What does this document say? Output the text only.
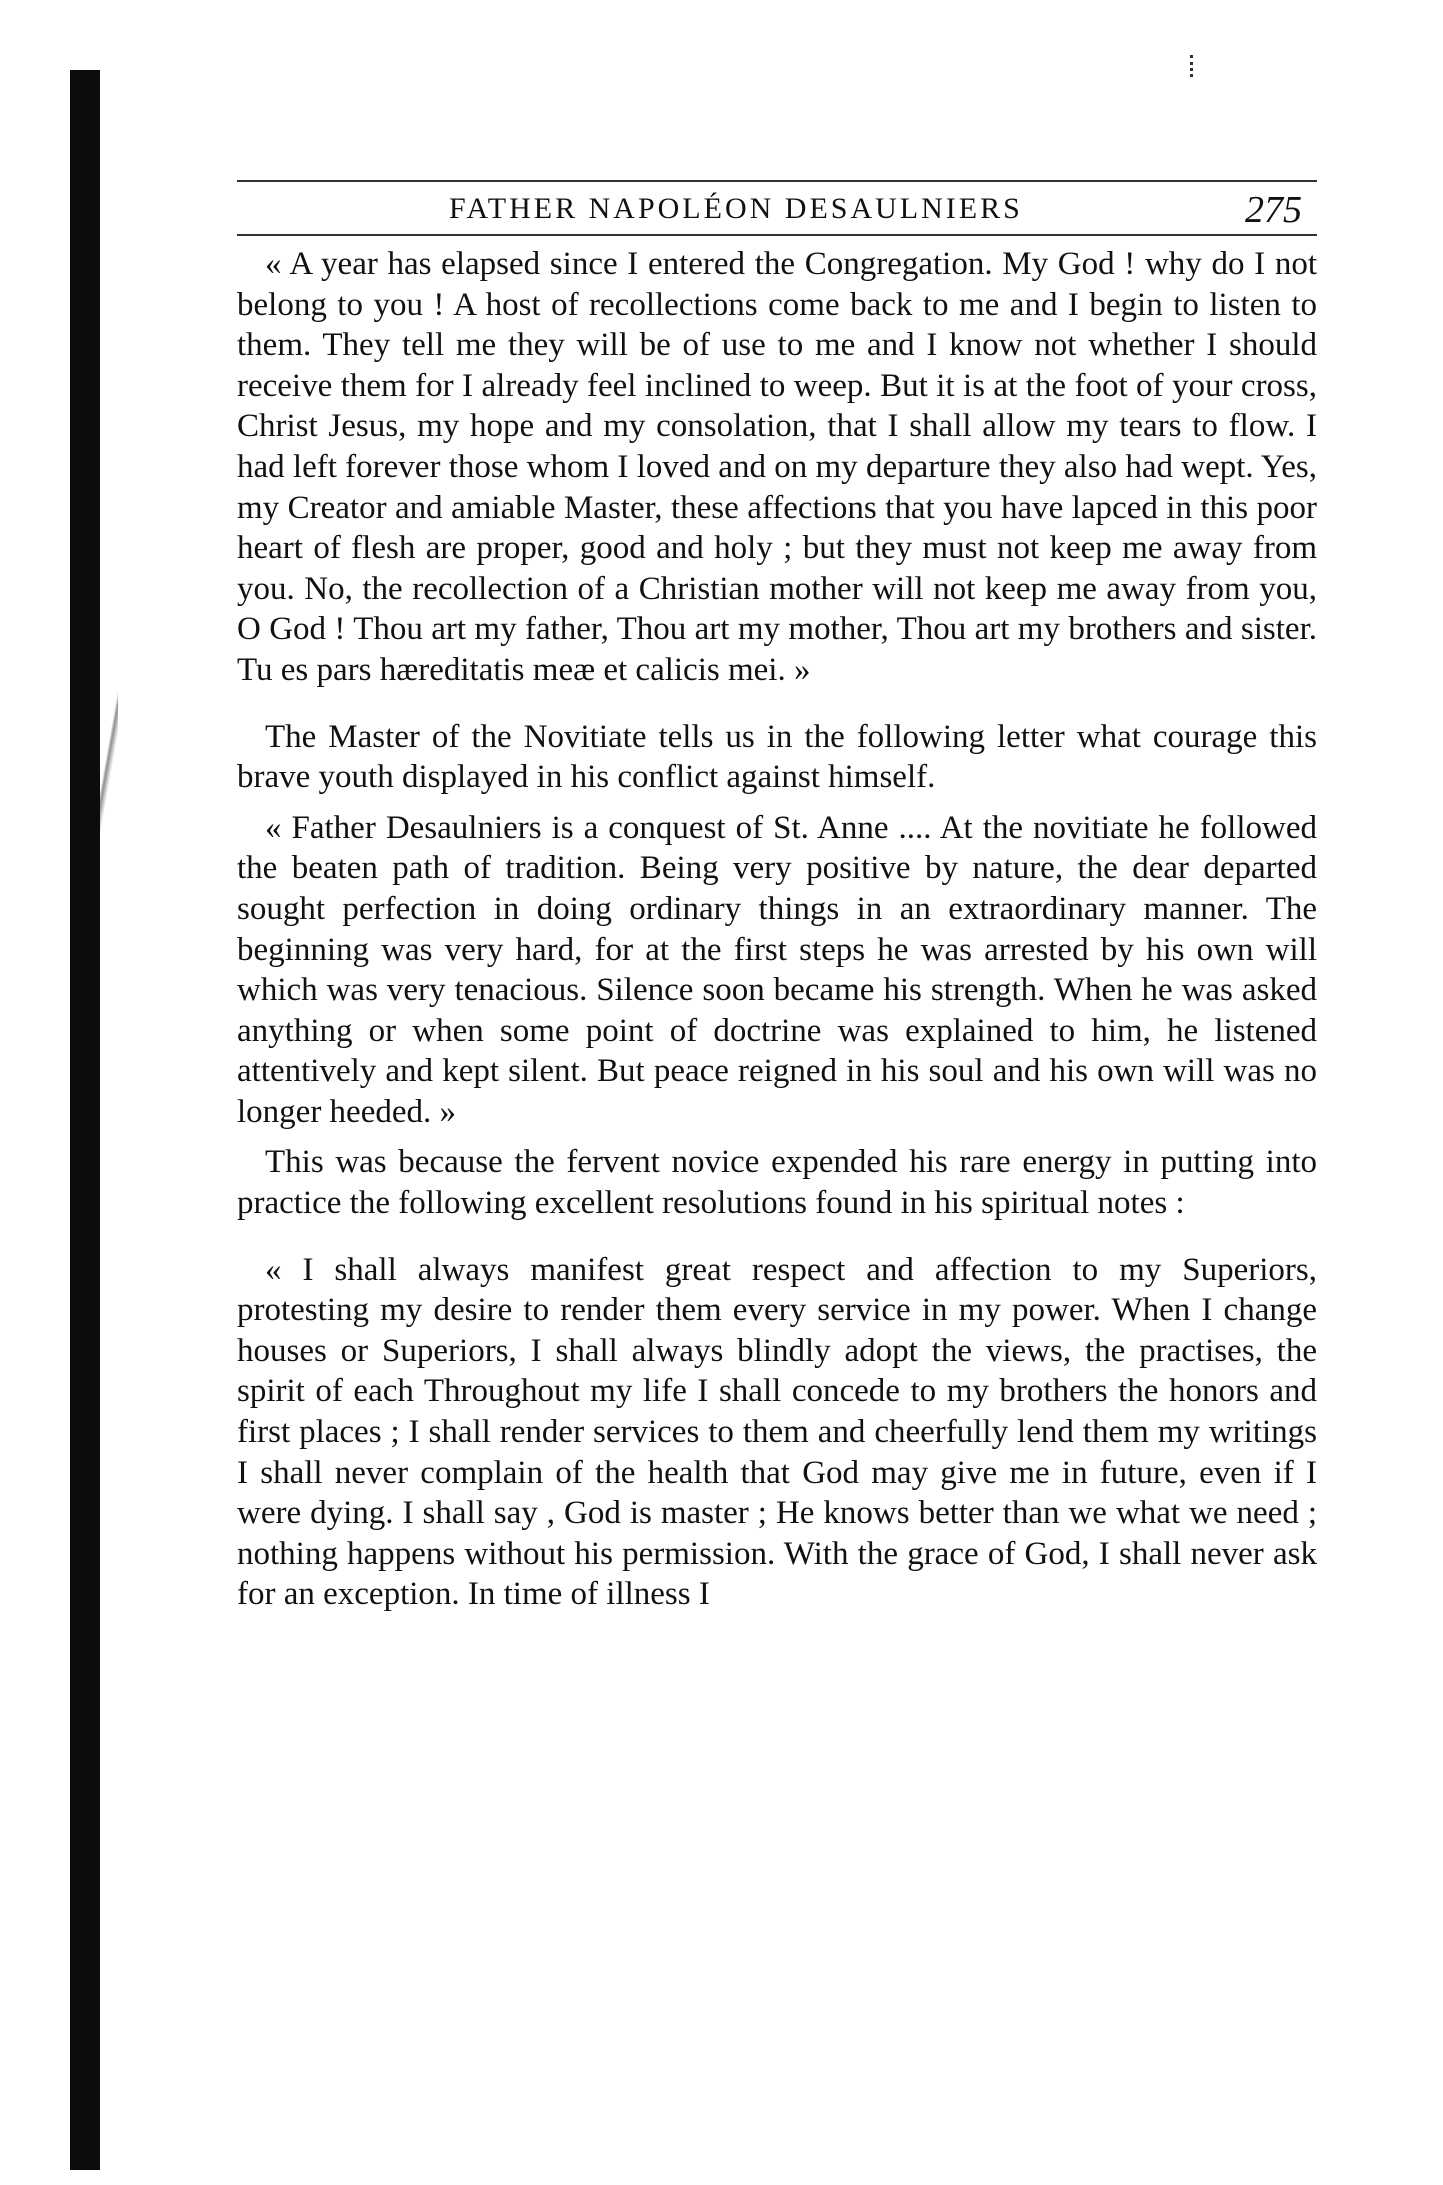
FATHER NAPOLÉON DESAULNIERS	275

« A year has elapsed since I entered the Congregation. My God ! why do I not belong to you ! A host of recollections come back to me and I begin to listen to them. They tell me they will be of use to me and I know not whether I should receive them for I already feel inclined to weep. But it is at the foot of your cross, Christ Jesus, my hope and my consolation, that I shall allow my tears to flow. I had left forever those whom I loved and on my departure they also had wept. Yes, my Creator and amiable Master, these affections that you have lapced in this poor heart of flesh are proper, good and holy ; but they must not keep me away from you. No, the recollection of a Christian mother will not keep me away from you, O God ! Thou art my father, Thou art my mother, Thou art my brothers and sister. Tu es pars hæreditatis meæ et calicis mei. »

The Master of the Novitiate tells us in the following letter what courage this brave youth displayed in his conflict against himself.

« Father Desaulniers is a conquest of St. Anne .... At the novitiate he followed the beaten path of tradition. Being very positive by nature, the dear departed sought perfection in doing ordinary things in an extraordinary manner. The beginning was very hard, for at the first steps he was arrested by his own will which was very tenacious. Silence soon became his strength. When he was asked anything or when some point of doctrine was explained to him, he listened attentively and kept silent. But peace reigned in his soul and his own will was no longer heeded. »

This was because the fervent novice expended his rare energy in putting into practice the following excellent resolutions found in his spiritual notes :

« I shall always manifest great respect and affection to my Superiors, protesting my desire to render them every service in my power. When I change houses or Superiors, I shall always blindly adopt the views, the practises, the spirit of each Throughout my life I shall concede to my brothers the honors and first places ; I shall render services to them and cheerfully lend them my writings I shall never complain of the health that God may give me in future, even if I were dying. I shall say , God is master ; He knows better than we what we need ; nothing happens without his permission. With the grace of God, I shall never ask for an exception. In time of illness I
